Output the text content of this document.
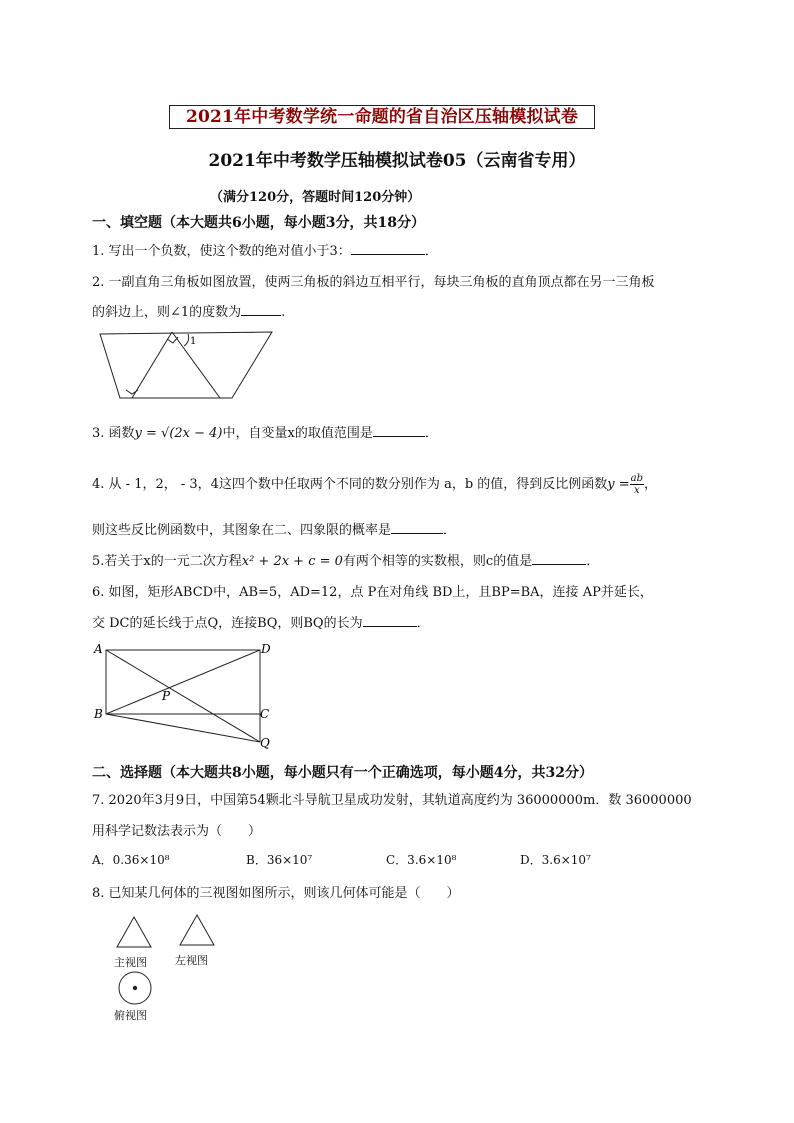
2021年中考数学统一命题的省自治区压轴模拟试卷
2021年中考数学压轴模拟试卷05（云南省专用）
（满分120分，答题时间120分钟）
一、填空题（本大题共6小题，每小题3分，共18分）
1. 写出一个负数，使这个数的绝对值小于3：	．
2. 一副直角三角板如图放置，使两三角板的斜边互相平行，每块三角板的直角顶点都在另一三角板
的斜边上，则∠1的度数为	.
1
3. 函数y = √(2x − 4)中，自变量x的取值范围是	．
4. 从 - 1，2， - 3，4这四个数中任取两个不同的数分别作为 a，b 的值，得到反比例函数$y = \frac{ab}{x}$ ，
则这些反比例函数中，其图象在二、四象限的概率是	．
5.若关于x的一元二次方程x² + 2x + c = 0有两个相等的实数根，则c的值是	．
6. 如图，矩形ABCD中，AB=5，AD=12，点 P在对角线 BD上，且BP=BA，连接 AP并延长，
交 DC的延长线于点Q，连接BQ，则BQ的长为	．
A
B	C
D
P
Q
二、选择题（本大题共8小题，每小题只有一个正确选项，每小题4分，共32分）
7. 2020年3月9日，中国第54颗北斗导航卫星成功发射，其轨道高度约为 36000000m．数 36000000
用科学记数法表示为（　　）
A．0.36×10⁸	B．36×10⁷	C．3.6×10⁸	D．3.6×10⁷
8. 已知某几何体的三视图如图所示，则该几何体可能是（　　）
主视图	左视图
俯视图
